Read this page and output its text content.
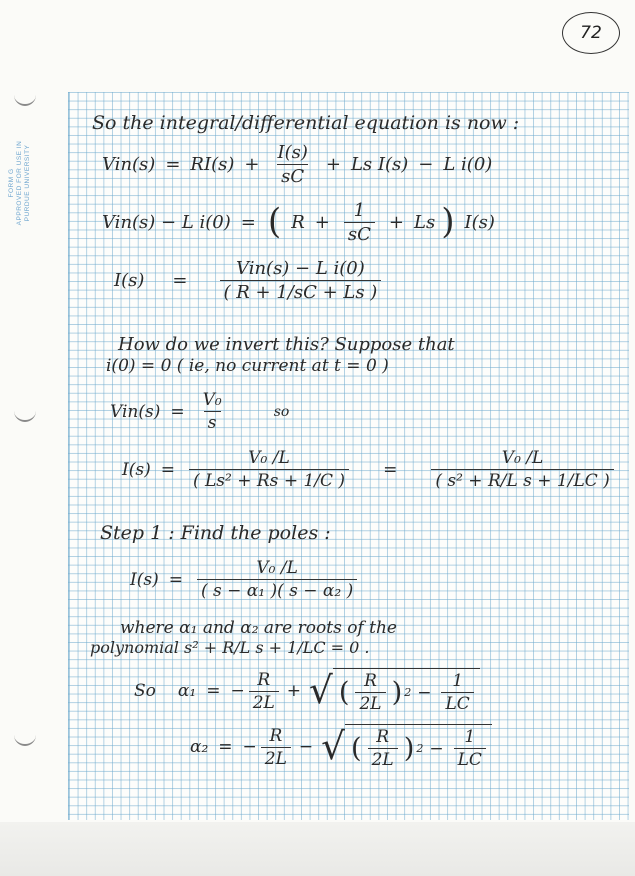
FORM G APPROVED FOR USE IN PURDUE UNIVERSITY
72
So the integral/differential equation is now :
$Vin(s) = RI(s) + \frac{I(s)}{sC} + Ls$ I(s) − L i(0)
Vin(s) − L i(0) = ( $R + \frac{1}{sC} + Ls$ ) I(s)
$I(s) = \frac{\text{Vin(s) − L i(0)}}{( R + 1/sC + Ls )}$
How do we invert this? Suppose that
i(0) = 0 ( ie, no current at t = 0 )
$Vin(s) = \frac{\text{V₀}}{s}$	so
$I(s) = \frac{\text{V₀ /L}}{\text{( Ls² + Rs + 1/C )}} = \frac{\text{V₀ /L}}{\text{( s² + R/L s + 1/LC )}}$
Step 1 : Find the poles :
$I(s) = \frac{\text{V₀ /L}}{\text{( s − α₁ )( s − α₂ )}}$
where α₁ and α₂ are roots of the
polynomial s² + R/L s + 1/LC = 0 .
So α₁ = − $\frac{R}{2L}$ + √ ( $\frac{R}{2L}$ ) $2 - \frac{1}{LC}$
α₂ = − $\frac{R}{2L}$ − √ ( $\frac{R}{2L}$ ) $2 - \frac{1}{LC}$
